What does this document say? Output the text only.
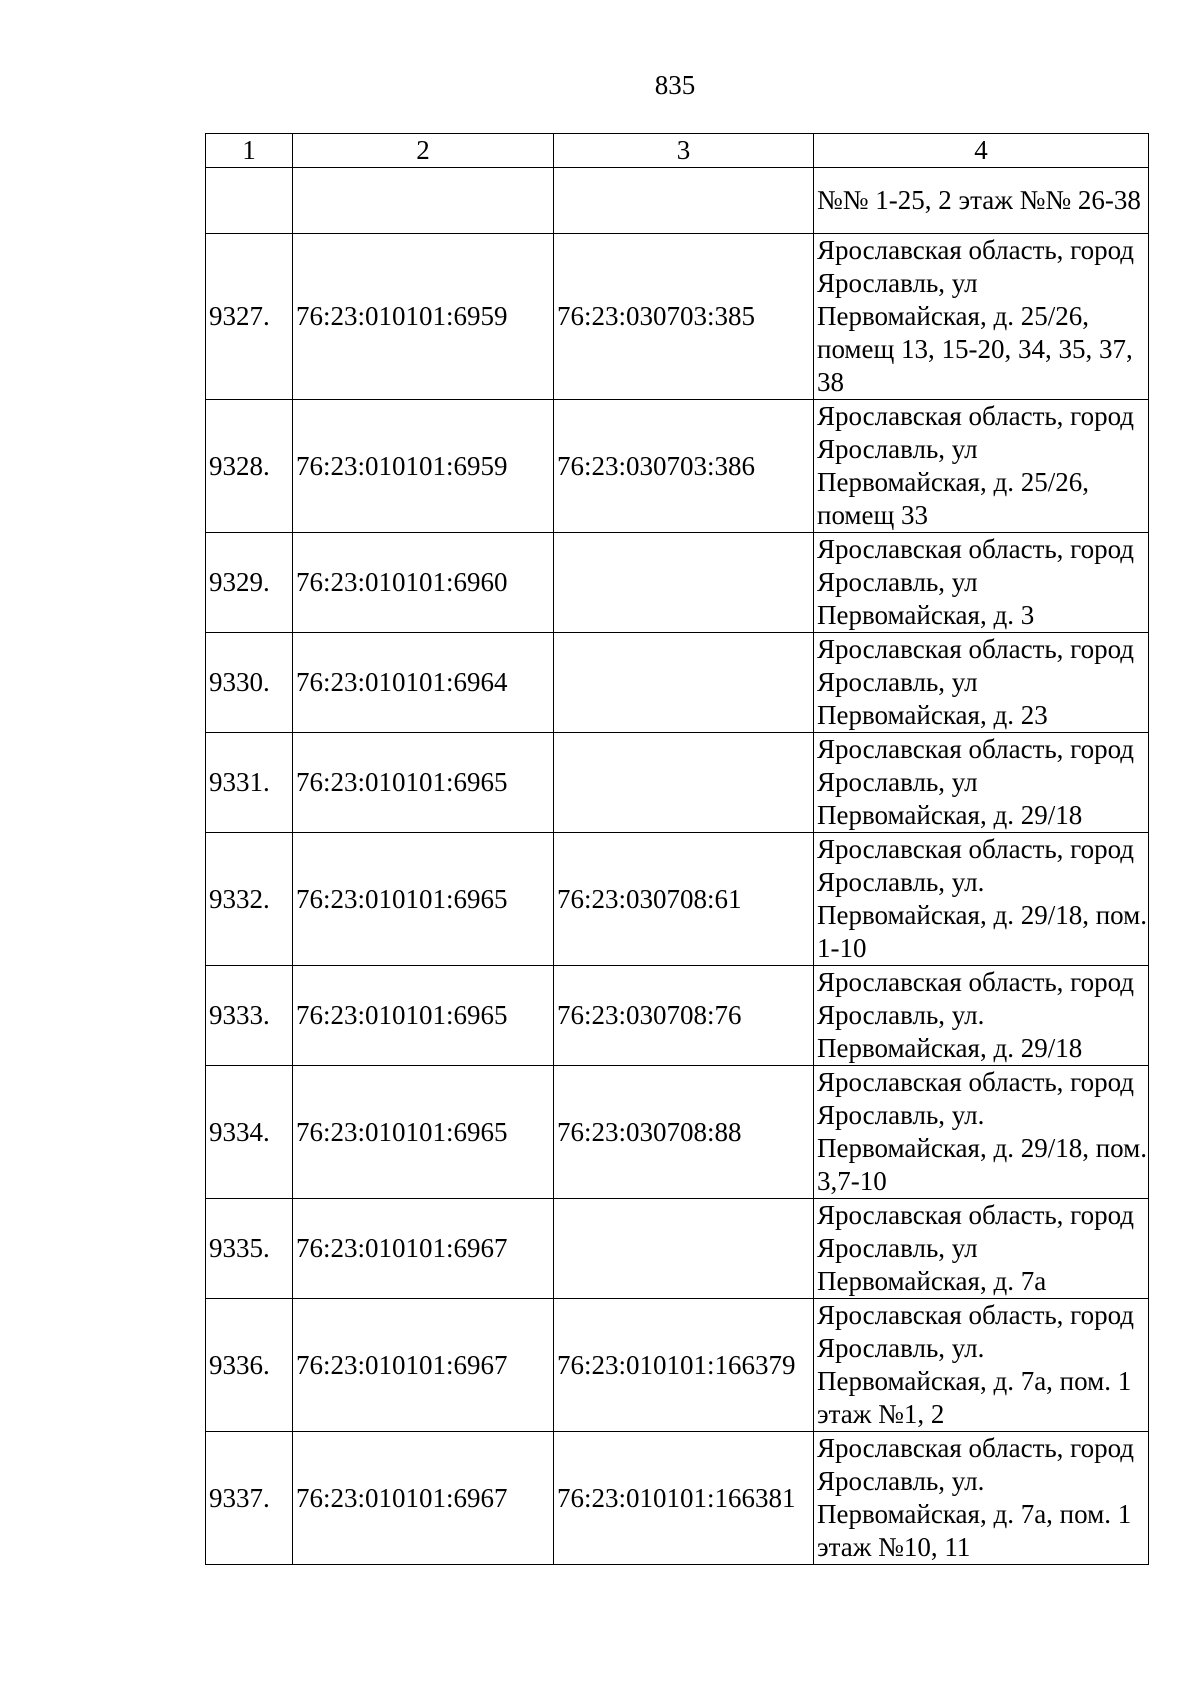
835
1	2	3	4
			№№ 1-25, 2 этаж №№ 26-38
9327.	76:23:010101:6959	76:23:030703:385	Ярославская область, город Ярославль, ул Первомайская, д. 25/26, помещ 13, 15-20, 34, 35, 37, 38
9328.	76:23:010101:6959	76:23:030703:386	Ярославская область, город Ярославль, ул Первомайская, д. 25/26, помещ 33
9329.	76:23:010101:6960		Ярославская область, город Ярославль, ул Первомайская, д. 3
9330.	76:23:010101:6964		Ярославская область, город Ярославль, ул Первомайская, д. 23
9331.	76:23:010101:6965		Ярославская область, город Ярославль, ул Первомайская, д. 29/18
9332.	76:23:010101:6965	76:23:030708:61	Ярославская область, город Ярославль, ул. Первомайская, д. 29/18, пом. 1-10
9333.	76:23:010101:6965	76:23:030708:76	Ярославская область, город Ярославль, ул. Первомайская, д. 29/18
9334.	76:23:010101:6965	76:23:030708:88	Ярославская область, город Ярославль, ул. Первомайская, д. 29/18, пом. 3,7-10
9335.	76:23:010101:6967		Ярославская область, город Ярославль, ул Первомайская, д. 7а
9336.	76:23:010101:6967	76:23:010101:166379	Ярославская область, город Ярославль, ул. Первомайская, д. 7а, пом. 1 этаж №1, 2
9337.	76:23:010101:6967	76:23:010101:166381	Ярославская область, город Ярославль, ул. Первомайская, д. 7а, пом. 1 этаж №10, 11
